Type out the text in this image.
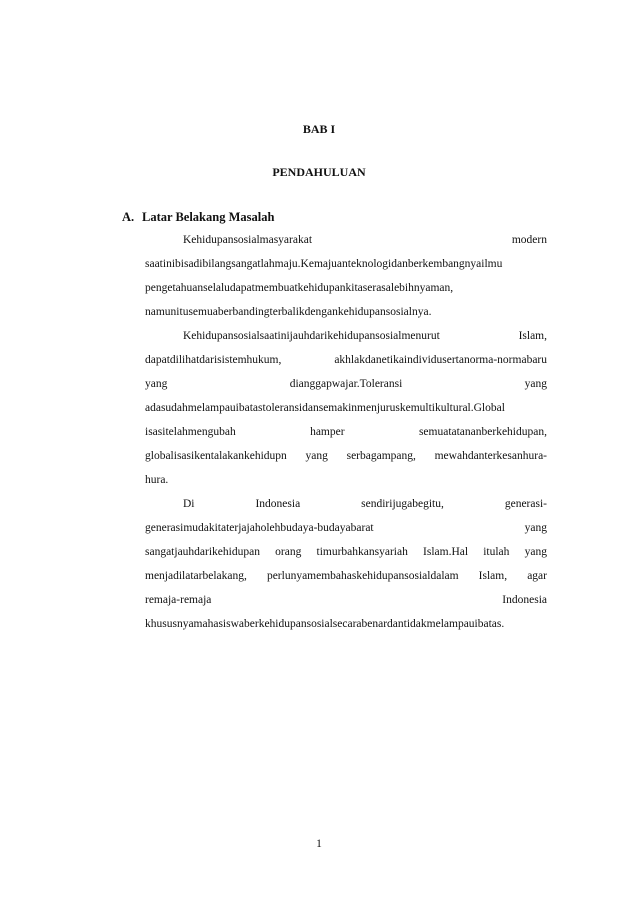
BAB I
PENDAHULUAN
A. Latar Belakang Masalah
Kehidupansosialmasyarakat	modern
saatinibisadibilangsangatlahmaju.Kemajuanteknologidanberkembangnyailmu
pengetahuanselaludapatmembuatkehidupankitaserasalebihnyaman,
namunitusemuaberbandingterbalikdengankehidupansosialnya.
Kehidupansosialsaatinijauhdarikehidupansosialmenurut	Islam,
dapatdilihatdarisistemhukum,	akhlakdanetikaindividusertanorma-normabaru
yang	dianggapwajar.Toleransi	yang
adasudahmelampauibatastoleransidansemakinmenjuruskemultikultural.Global
isasitelahmengubah	hamper	semuatatananberkehidupan,
globalisasikentalakankehidupn yang serbagampang, mewahdanterkesanhura-
hura.
Di	Indonesia	sendirijugabegitu,	generasi-
generasimudakitaterjajaholehbudaya-budayabarat	yang
sangatjauhdarikehidupan orang timurbahkansyariah Islam.Hal itulah yang
menjadilatarbelakang, perlunyamembahaskehidupansosialdalam Islam, agar
remaja-remaja	Indonesia
khususnyamahasiswaberkehidupansosialsecarabenardantidakmelampauibatas.
1
